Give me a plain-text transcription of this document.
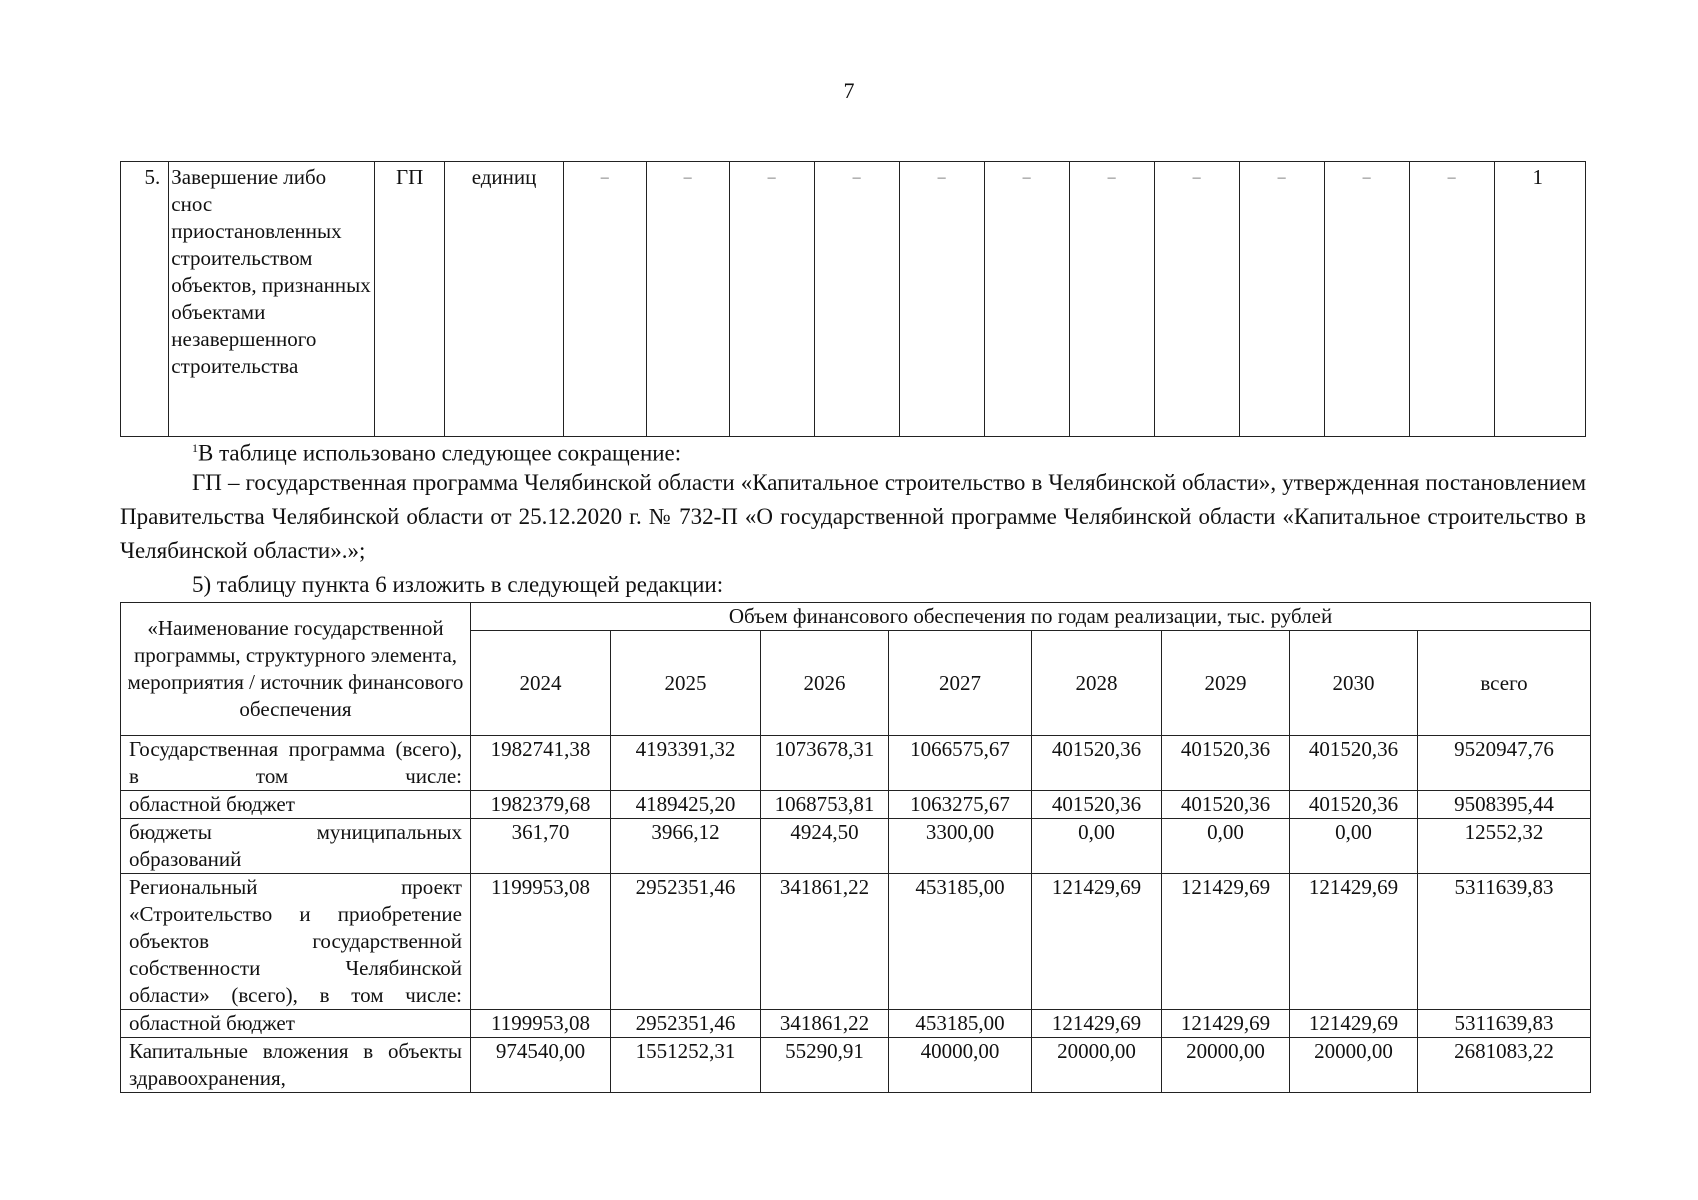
7
5.	Завершение либо снос приостановленных строительством объектов, признанных объектами незавершенного строительства	ГП	единиц	–	–	–	–	–	–	–	–	–	–	–	1
$^1$В таблице использовано следующее сокращение:
ГП – государственная программа Челябинской области «Капитальное строительство в Челябинской области», утвержденная постановлением Правительства Челябинской области от 25.12.2020 г. № 732-П «О государственной программе Челябинской области «Капитальное строительство в Челябинской области».»;
5) таблицу пункта 6 изложить в следующей редакции:
«Наименование государственной программы, структурного элемента, мероприятия / источник финансового обеспечения	Объем финансового обеспечения по годам реализации, тыс. рублей							
	2024	2025	2026	2027	2028	2029	2030	всего
Государственная программа (всего), в том числе:	1982741,38	4193391,32	1073678,31	1066575,67	401520,36	401520,36	401520,36	9520947,76
областной бюджет	1982379,68	4189425,20	1068753,81	1063275,67	401520,36	401520,36	401520,36	9508395,44
бюджеты муниципальных образований	361,70	3966,12	4924,50	3300,00	0,00	0,00	0,00	12552,32
Региональный проект «Строительство и приобретение объектов государственной собственности Челябинской области» (всего), в том числе:	1199953,08	2952351,46	341861,22	453185,00	121429,69	121429,69	121429,69	5311639,83
областной бюджет	1199953,08	2952351,46	341861,22	453185,00	121429,69	121429,69	121429,69	5311639,83
Капитальные вложения в объекты здравоохранения,	974540,00	1551252,31	55290,91	40000,00	20000,00	20000,00	20000,00	2681083,22
